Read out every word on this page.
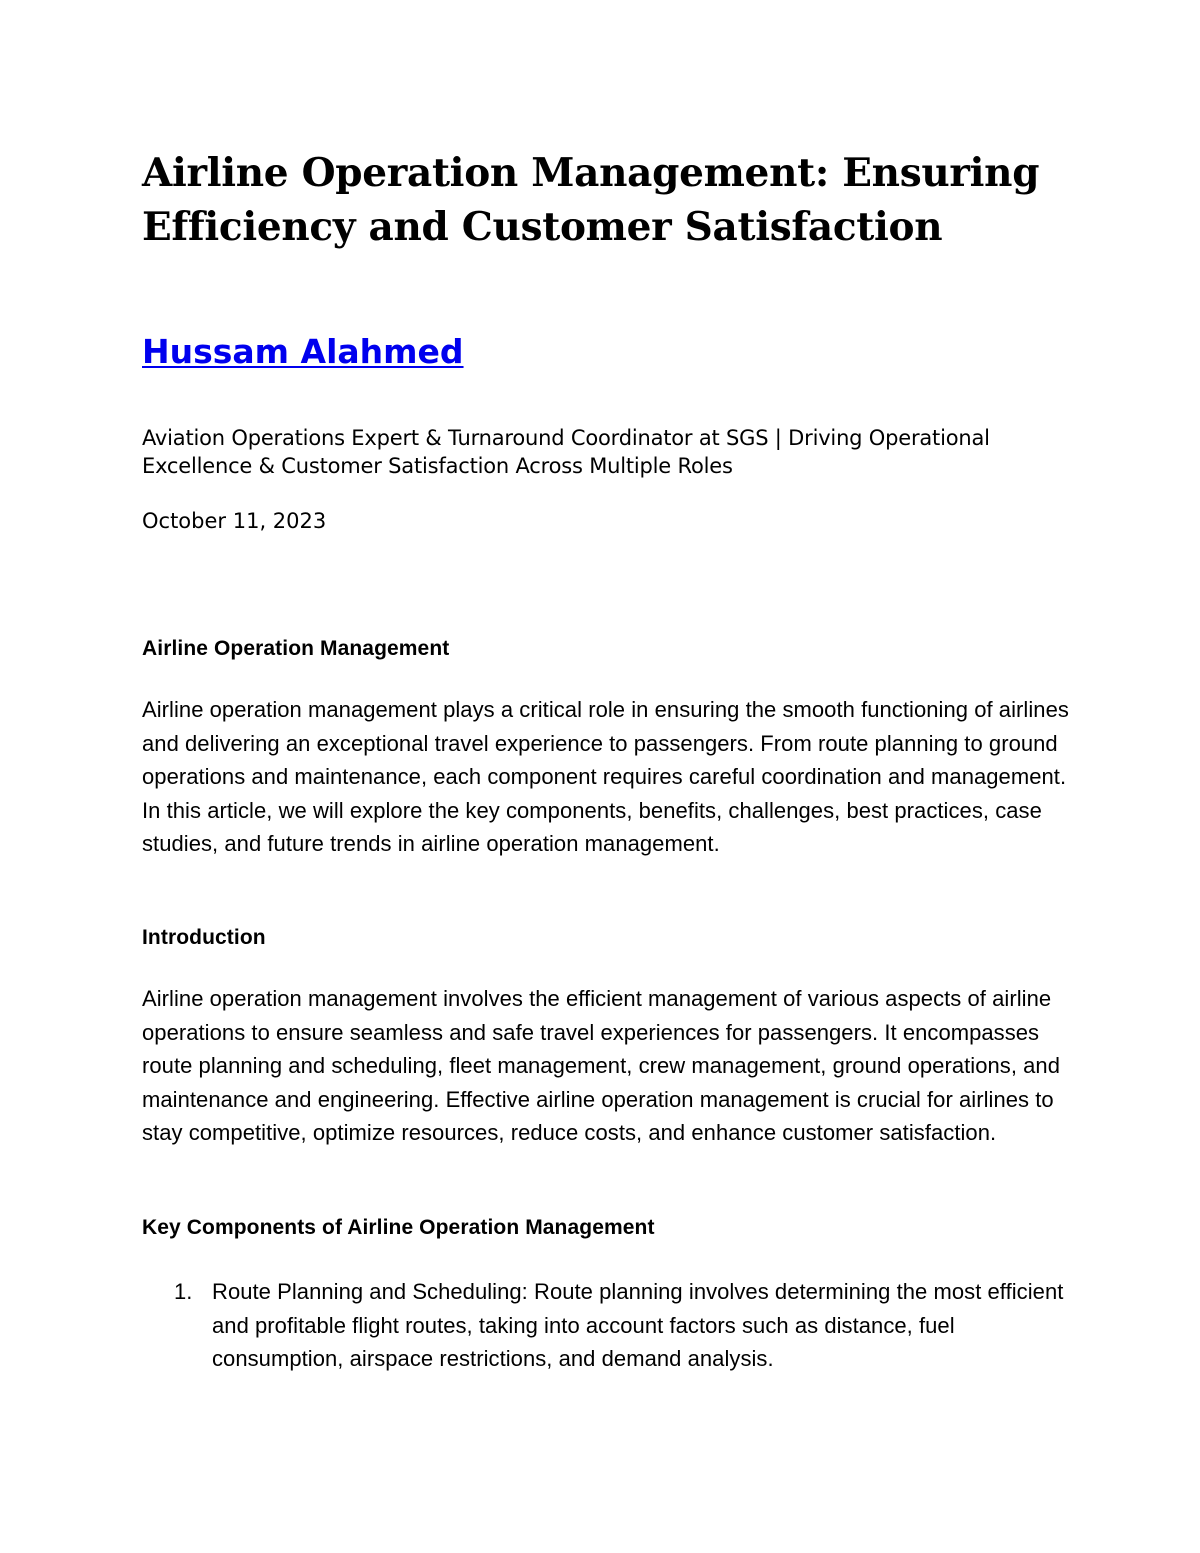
Airline Operation Management: Ensuring Efficiency and Customer Satisfaction
Hussam Alahmed

Aviation Operations Expert & Turnaround Coordinator at SGS | Driving Operational Excellence & Customer Satisfaction Across Multiple Roles

October 11, 2023

Airline Operation Management

Airline operation management plays a critical role in ensuring the smooth functioning of airlines and delivering an exceptional travel experience to passengers. From route planning to ground operations and maintenance, each component requires careful coordination and management. In this article, we will explore the key components, benefits, challenges, best practices, case studies, and future trends in airline operation management.

Introduction

Airline operation management involves the efficient management of various aspects of airline operations to ensure seamless and safe travel experiences for passengers. It encompasses route planning and scheduling, fleet management, crew management, ground operations, and maintenance and engineering. Effective airline operation management is crucial for airlines to stay competitive, optimize resources, reduce costs, and enhance customer satisfaction.

Key Components of Airline Operation Management
1. Route Planning and Scheduling: Route planning involves determining the most efficient and profitable flight routes, taking into account factors such as distance, fuel consumption, airspace restrictions, and demand analysis.
